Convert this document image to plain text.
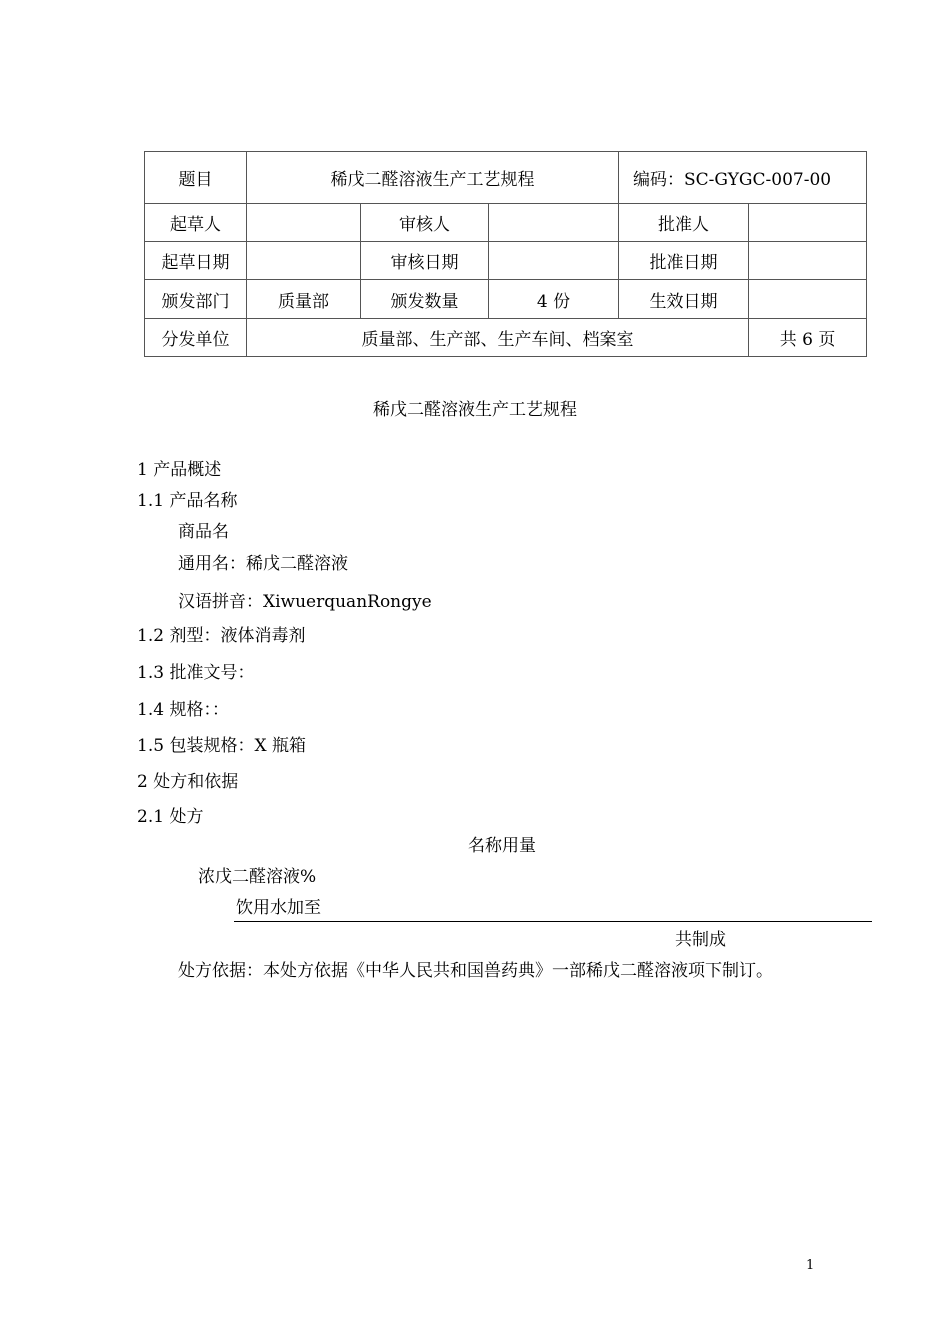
题目	稀戊二醛溶液生产工艺规程			编码：SC-GYGC-007-00	
起草人		审核人		批准人	
起草日期		审核日期		批准日期	
颁发部门	质量部	颁发数量	4 份	生效日期	
分发单位	质量部、生产部、生产车间、档案室				共 6 页
稀戊二醛溶液生产工艺规程
1 产品概述
1.1 产品名称
商品名
通用名：稀戊二醛溶液
汉语拼音：XiwuerquanRongye
1.2 剂型：液体消毒剂
1.3 批准文号：
1.4 规格：：
1.5 包装规格：X 瓶箱
2 处方和依据
2.1 处方
名称用量
浓戊二醛溶液%
饮用水加至
共制成
处方依据：本处方依据《中华人民共和国兽药典》一部稀戊二醛溶液项下制订。
1
